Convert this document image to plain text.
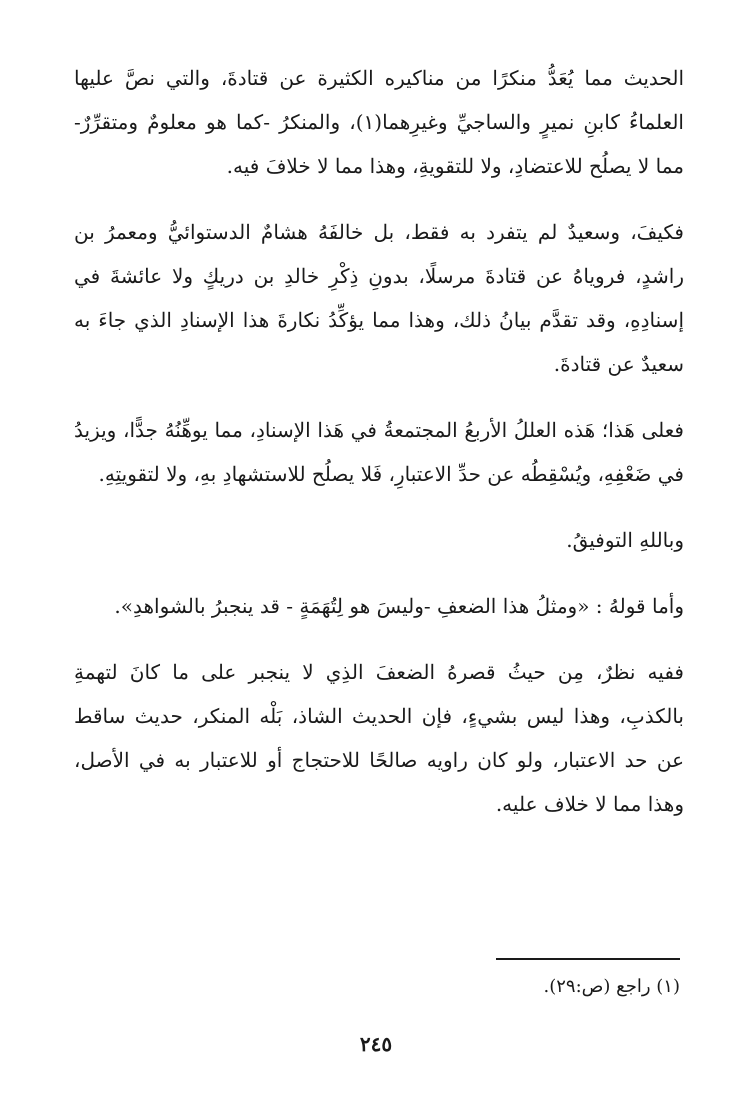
الحديث مما يُعَدُّ منكرًا من مناكيره الكثيرة عن قتادةَ، والتي نصَّ عليها العلماءُ كابنِ نميرٍ والساجيِّ وغيرِهما(١)، والمنكرُ -كما هو معلومٌ ومتقرِّرٌ- مما لا يصلُح للاعتضادِ، ولا للتقويةِ، وهذا مما لا خلافَ فيه.

فكيفَ، وسعيدٌ لم يتفرد به فقط، بل خالفَهُ هشامٌ الدستوائيُّ ومعمرُ بن راشدٍ، فروياهُ عن قتادةَ مرسلًا، بدونِ ذِكْرِ خالدِ بن دريكٍ ولا عائشةَ في إسنادِهِ، وقد تقدَّم بيانُ ذلك، وهذا مما يؤكِّدُ نكارةَ هذا الإسنادِ الذي جاءَ به سعيدٌ عن قتادةَ.

فعلى هَذا؛ هَذه العللُ الأربعُ المجتمعةُ في هَذا الإسنادِ، مما يوهِّنُهُ جدًّا، ويزيدُ في ضَعْفِهِ، ويُسْقِطُه عن حدِّ الاعتبارِ، فَلا يصلُح للاستشهادِ بهِ، ولا لتقويتِهِ.

وباللهِ التوفيقُ.

وأما قولهُ : «ومثلُ هذا الضعفِ -وليسَ هو لِتُهَمَةٍ - قد ينجبرُ بالشواهدِ».

ففيه نظرٌ، مِن حيثُ قصرهُ الضعفَ الذِي لا ينجبر على ما كانَ لتهمةِ بالكذبِ، وهذا ليس بشيءٍ، فإن الحديث الشاذ، بَلْه المنكر، حديث ساقط عن حد الاعتبار، ولو كان راويه صالحًا للاحتجاج أو للاعتبار به في الأصل، وهذا مما لا خلاف عليه.

(١) راجع (ص:٢٩).
٢٤٥
